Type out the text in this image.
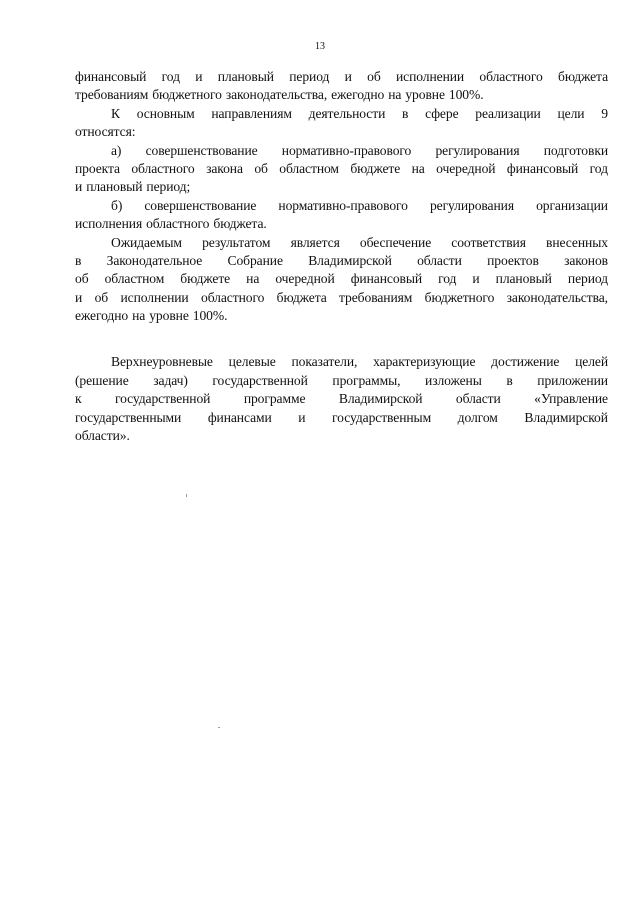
13
финансовый год и плановый период и об исполнении областного бюджета
требованиям бюджетного законодательства, ежегодно на уровне 100%.
К основным направлениям деятельности в сфере реализации цели 9
относятся:
а) совершенствование нормативно-правового регулирования подготовки
проекта областного закона об областном бюджете на очередной финансовый год
и плановый период;
б) совершенствование нормативно-правового регулирования организации
исполнения областного бюджета.
Ожидаемым результатом является обеспечение соответствия внесенных
в Законодательное Собрание Владимирской области проектов законов
об областном бюджете на очередной финансовый год и плановый период
и об исполнении областного бюджета требованиям бюджетного законодательства,
ежегодно на уровне 100%.
Верхнеуровневые целевые показатели, характеризующие достижение целей
(решение задач) государственной программы, изложены в приложении
к государственной программе Владимирской области «Управление
государственными финансами и государственным долгом Владимирской
области».
